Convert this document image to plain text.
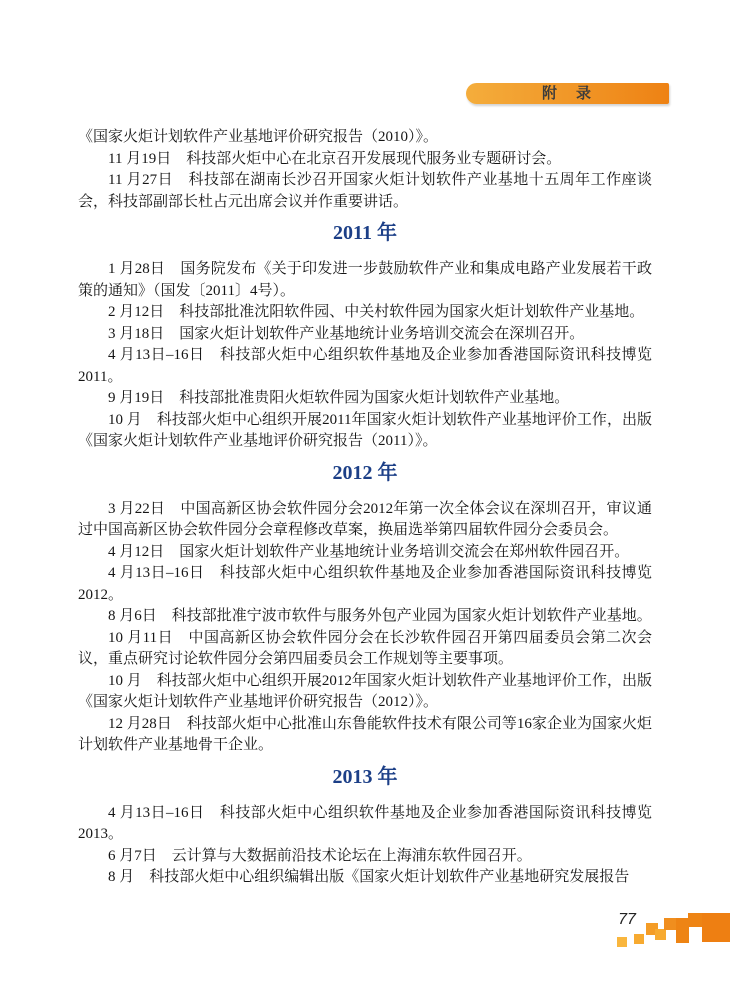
附　录

《国家火炬计划软件产业基地评价研究报告（2010）》。

11 月19日　科技部火炬中心在北京召开发展现代服务业专题研讨会。

11 月27日　科技部在湖南长沙召开国家火炬计划软件产业基地十五周年工作座谈会，科技部副部长杜占元出席会议并作重要讲话。

2011 年

1 月28日　国务院发布《关于印发进一步鼓励软件产业和集成电路产业发展若干政策的通知》（国发〔2011〕4号）。

2 月12日　科技部批准沈阳软件园、中关村软件园为国家火炬计划软件产业基地。

3 月18日　国家火炬计划软件产业基地统计业务培训交流会在深圳召开。

4 月13日–16日　科技部火炬中心组织软件基地及企业参加香港国际资讯科技博览2011。

9 月19日　科技部批准贵阳火炬软件园为国家火炬计划软件产业基地。

10 月　科技部火炬中心组织开展2011年国家火炬计划软件产业基地评价工作，出版《国家火炬计划软件产业基地评价研究报告（2011）》。

2012 年

3 月22日　中国高新区协会软件园分会2012年第一次全体会议在深圳召开，审议通过中国高新区协会软件园分会章程修改草案，换届选举第四届软件园分会委员会。

4 月12日　国家火炬计划软件产业基地统计业务培训交流会在郑州软件园召开。

4 月13日–16日　科技部火炬中心组织软件基地及企业参加香港国际资讯科技博览2012。

8 月6日　科技部批准宁波市软件与服务外包产业园为国家火炬计划软件产业基地。

10 月11日　中国高新区协会软件园分会在长沙软件园召开第四届委员会第二次会议，重点研究讨论软件园分会第四届委员会工作规划等主要事项。

10 月　科技部火炬中心组织开展2012年国家火炬计划软件产业基地评价工作，出版《国家火炬计划软件产业基地评价研究报告（2012）》。

12 月28日　科技部火炬中心批准山东鲁能软件技术有限公司等16家企业为国家火炬计划软件产业基地骨干企业。

2013 年

4 月13日–16日　科技部火炬中心组织软件基地及企业参加香港国际资讯科技博览2013。

6 月7日　云计算与大数据前沿技术论坛在上海浦东软件园召开。

8 月　科技部火炬中心组织编辑出版《国家火炬计划软件产业基地研究发展报告

77
